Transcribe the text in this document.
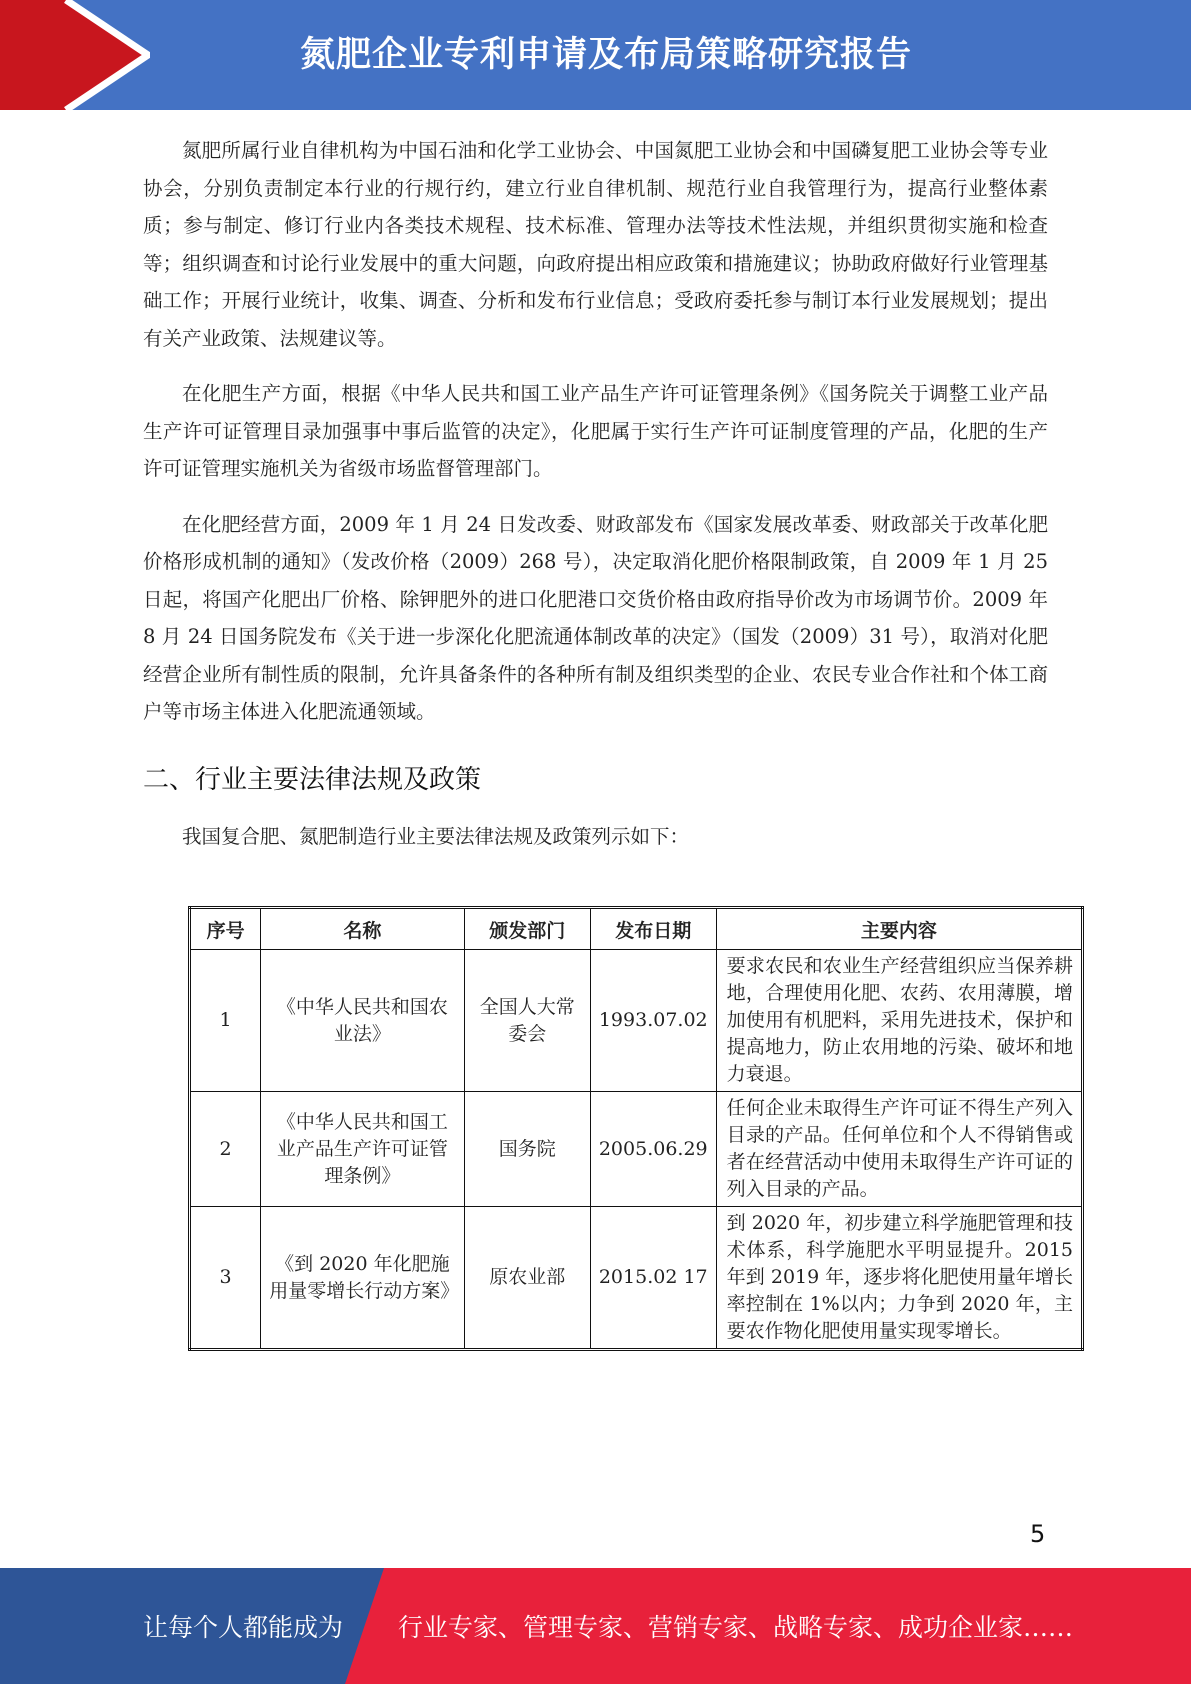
氮肥企业专利申请及布局策略研究报告

氮肥所属行业自律机构为中国石油和化学工业协会、中国氮肥工业协会和中国磷复肥工业协会等专业协会，分别负责制定本行业的行规行约，建立行业自律机制、规范行业自我管理行为，提高行业整体素质；参与制定、修订行业内各类技术规程、技术标准、管理办法等技术性法规，并组织贯彻实施和检查等；组织调查和讨论行业发展中的重大问题，向政府提出相应政策和措施建议；协助政府做好行业管理基础工作；开展行业统计，收集、调查、分析和发布行业信息；受政府委托参与制订本行业发展规划；提出有关产业政策、法规建议等。

在化肥生产方面，根据《中华人民共和国工业产品生产许可证管理条例》《国务院关于调整工业产品生产许可证管理目录加强事中事后监管的决定》，化肥属于实行生产许可证制度管理的产品，化肥的生产许可证管理实施机关为省级市场监督管理部门。

在化肥经营方面，2009 年 1 月 24 日发改委、财政部发布《国家发展改革委、财政部关于改革化肥价格形成机制的通知》（发改价格（2009）268 号），决定取消化肥价格限制政策，自 2009 年 1 月 25 日起，将国产化肥出厂价格、除钾肥外的进口化肥港口交货价格由政府指导价改为市场调节价。2009 年 8 月 24 日国务院发布《关于进一步深化化肥流通体制改革的决定》（国发（2009）31 号），取消对化肥经营企业所有制性质的限制，允许具备条件的各种所有制及组织类型的企业、农民专业合作社和个体工商户等市场主体进入化肥流通领域。

二、行业主要法律法规及政策

我国复合肥、氮肥制造行业主要法律法规及政策列示如下：

序号	名称	颁发部门	发布日期	主要内容
1	《中华人民共和国农业法》	全国人大常委会	1993.07.02	要求农民和农业生产经营组织应当保养耕地，合理使用化肥、农药、农用薄膜，增加使用有机肥料，采用先进技术，保护和提高地力，防止农用地的污染、破坏和地力衰退。
2	《中华人民共和国工业产品生产许可证管理条例》	国务院	2005.06.29	任何企业未取得生产许可证不得生产列入目录的产品。任何单位和个人不得销售或者在经营活动中使用未取得生产许可证的列入目录的产品。
3	《到 2020 年化肥施用量零增长行动方案》	原农业部	2015.02 17	到 2020 年，初步建立科学施肥管理和技术体系，科学施肥水平明显提升。2015 年到 2019 年，逐步将化肥使用量年增长率控制在 1%以内；力争到 2020 年，主要农作物化肥使用量实现零增长。
5
让每个人都能成为 行业专家、管理专家、营销专家、战略专家、成功企业家……
